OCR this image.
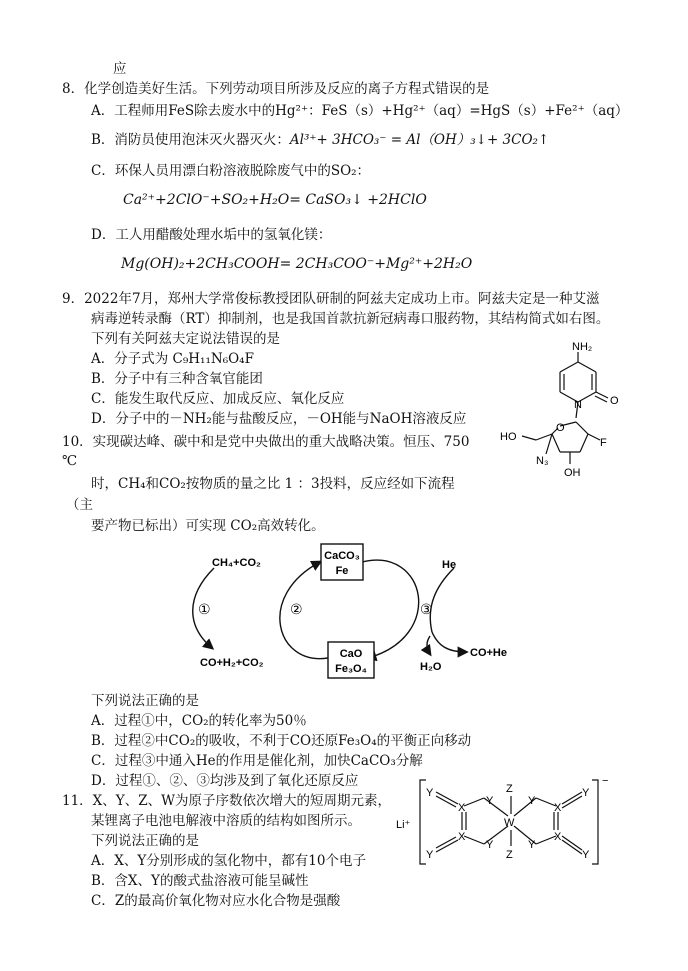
应
8．化学创造美好生活。下列劳动项目所涉及反应的离子方程式错误的是
A．工程师用FeS除去废水中的Hg²⁺：FeS（s）+Hg²⁺（aq）=HgS（s）+Fe²⁺（aq）
B．消防员使用泡沫灭火器灭火：Al³⁺+ 3HCO₃⁻ = Al（OH）₃↓+ 3CO₂↑
C．环保人员用漂白粉溶液脱除废气中的SO₂：
Ca²⁺+2ClO⁻+SO₂+H₂O= CaSO₃↓ +2HClO
D．工人用醋酸处理水垢中的氢氧化镁：
Mg(OH)₂+2CH₃COOH= 2CH₃COO⁻+Mg²⁺+2H₂O
9．2022年7月，郑州大学常俊标教授团队研制的阿兹夫定成功上市。阿兹夫定是一种艾滋
病毒逆转录酶（RT）抑制剂，也是我国首款抗新冠病毒口服药物，其结构简式如右图。
下列有关阿兹夫定说法错误的是
A．分子式为 C₉H₁₁N₆O₄F
B．分子中有三种含氧官能团
C．能发生取代反应、加成反应、氧化反应
D．分子中的－NH₂能与盐酸反应，－OH能与NaOH溶液反应
NH₂
N	O
O
HO
N₃
F
OH
10．实现碳达峰、碳中和是党中央做出的重大战略决策。恒压、750
℃
时，CH₄和CO₂按物质的量之比 1 ：3投料，反应经如下流程
（主
要产物已标出）可实现 CO₂高效转化。
CaCO₃
Fe
CaO
Fe₃O₄
CH₄+CO₂
CO+H₂+CO₂
He
CO+He
H₂O
①	②	③
下列说法正确的是
A．过程①中，CO₂的转化率为50％
B．过程②中CO₂的吸收，不利于CO还原Fe₃O₄的平衡正向移动
C．过程③中通入He的作用是催化剂，加快CaCO₃分解
D．过程①、②、③均涉及到了氧化还原反应
11．X、Y、Z、W为原子序数依次增大的短周期元素，
某锂离子电池电解液中溶质的结构如图所示。
下列说法正确的是
A．X、Y分别形成的氢化物中，都有10个电子
B．含X、Y的酸式盐溶液可能呈碱性
C．Z的最高价氧化物对应水化合物是强酸
Li⁺
Y
Y
X
X
Y
Y
Z
W
Z
Y
Y
X
X
Y
Y
−
